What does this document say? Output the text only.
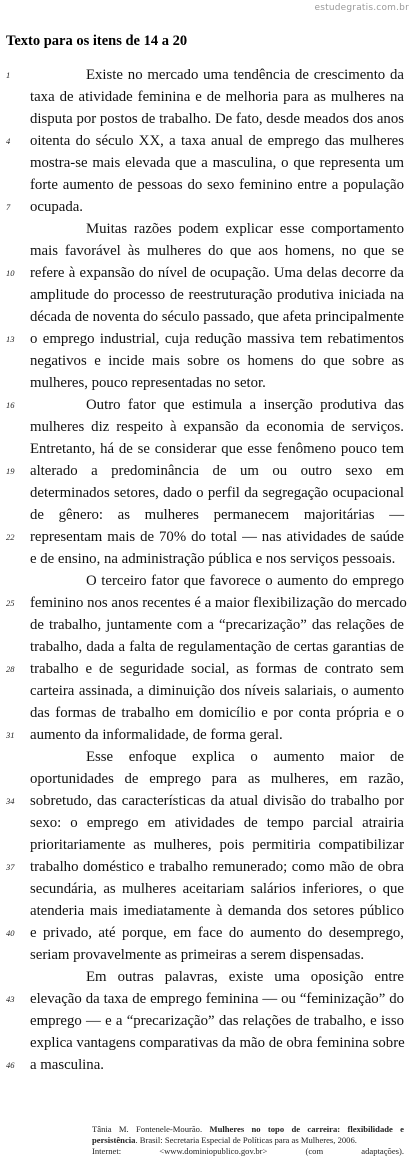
estudegratis.com.br
Texto para os itens de 14 a 20
Existe no mercado uma tendência de crescimento da
taxa de atividade feminina e de melhoria para as mulheres na
disputa por postos de trabalho. De fato, desde meados dos anos
oitenta do século XX, a taxa anual de emprego das mulheres
mostra-se mais elevada que a masculina, o que representa um
forte aumento de pessoas do sexo feminino entre a população
ocupada.
Muitas razões podem explicar esse comportamento
mais favorável às mulheres do que aos homens, no que se
refere à expansão do nível de ocupação. Uma delas decorre da
amplitude do processo de reestruturação produtiva iniciada na
década de noventa do século passado, que afeta principalmente
o emprego industrial, cuja redução massiva tem rebatimentos
negativos e incide mais sobre os homens do que sobre as
mulheres, pouco representadas no setor.
Outro fator que estimula a inserção produtiva das
mulheres diz respeito à expansão da economia de serviços.
Entretanto, há de se considerar que esse fenômeno pouco tem
alterado a predominância de um ou outro sexo em
determinados setores, dado o perfil da segregação ocupacional
de gênero: as mulheres permanecem majoritárias —
representam mais de 70% do total — nas atividades de saúde
e de ensino, na administração pública e nos serviços pessoais.
O terceiro fator que favorece o aumento do emprego
feminino nos anos recentes é a maior flexibilização do mercado
de trabalho, juntamente com a “precarização” das relações de
trabalho, dada a falta de regulamentação de certas garantias de
trabalho e de seguridade social, as formas de contrato sem
carteira assinada, a diminuição dos níveis salariais, o aumento
das formas de trabalho em domicílio e por conta própria e o
aumento da informalidade, de forma geral.
Esse enfoque explica o aumento maior de
oportunidades de emprego para as mulheres, em razão,
sobretudo, das características da atual divisão do trabalho por
sexo: o emprego em atividades de tempo parcial atrairia
prioritariamente as mulheres, pois permitiria compatibilizar
trabalho doméstico e trabalho remunerado; como mão de obra
secundária, as mulheres aceitariam salários inferiores, o que
atenderia mais imediatamente à demanda dos setores público
e privado, até porque, em face do aumento do desemprego,
seriam provavelmente as primeiras a serem dispensadas.
Em outras palavras, existe uma oposição entre
elevação da taxa de emprego feminina — ou “feminização” do
emprego — e a “precarização” das relações de trabalho, e isso
explica vantagens comparativas da mão de obra feminina sobre
a masculina.
1
4
7
10
13
16
19
22
25
28
31
34
37
40
43
46
Tânia M. Fontenele-Mourão. Mulheres no topo de carreira: flexibilidade e persistência. Brasil: Secretaria Especial de Políticas para as Mulheres, 2006.
Internet: <www.dominiopublico.gov.br> (com adaptações).
